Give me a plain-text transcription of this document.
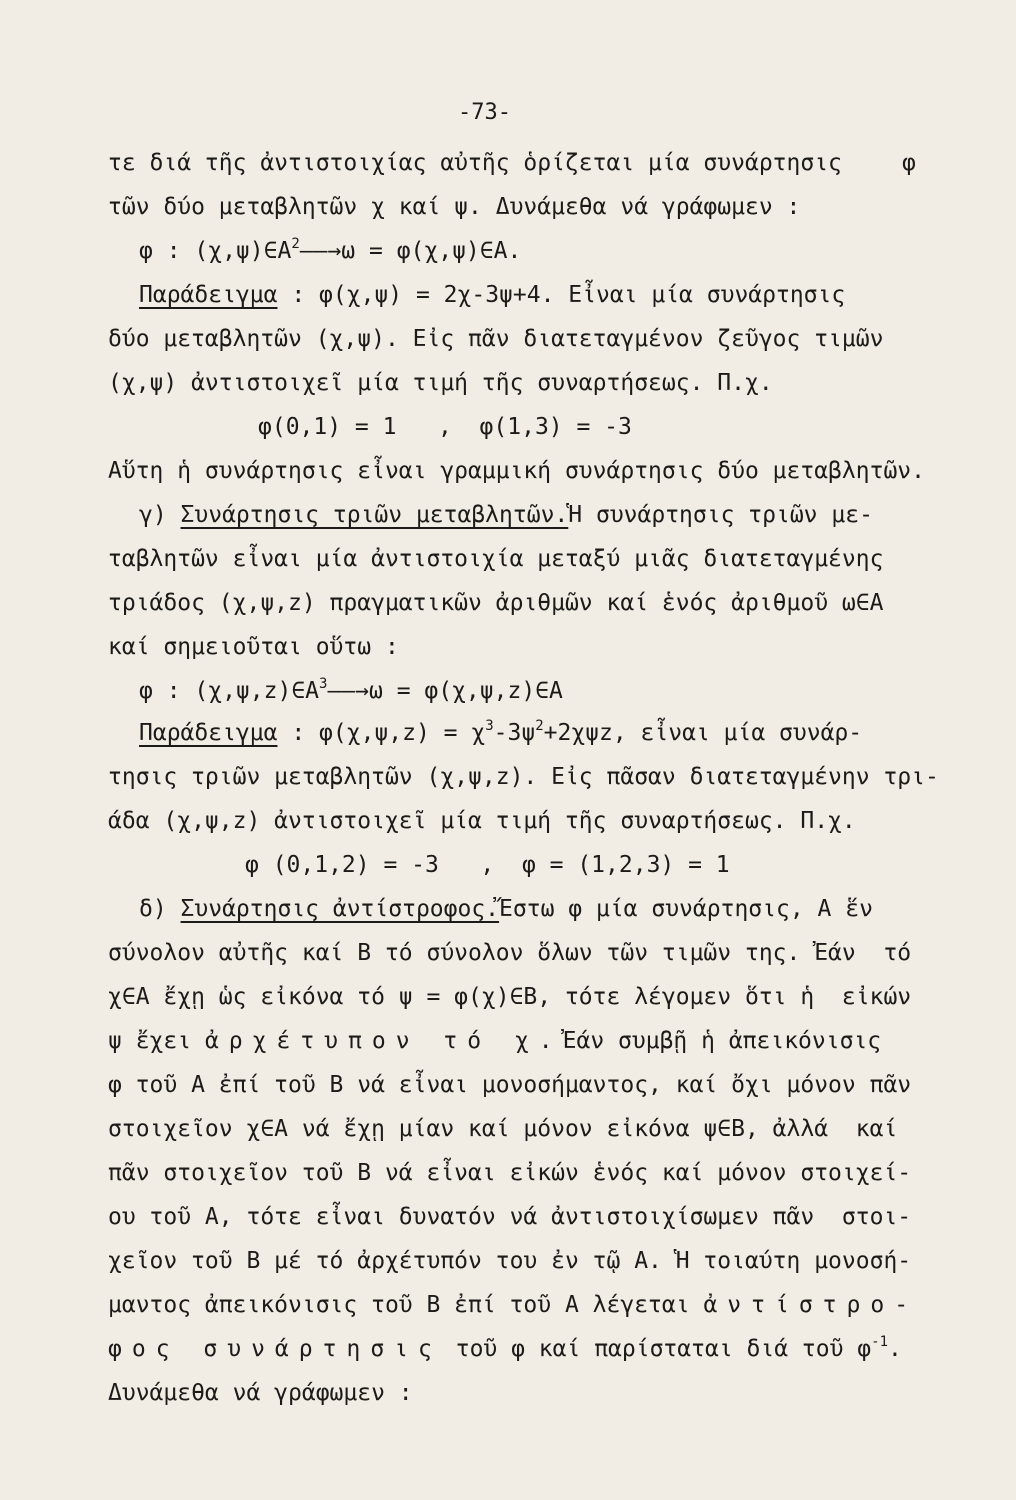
-73-
τε διά τῆς ἀντιστοιχίας αὐτῆς ὁρίζεται μία συνάρτησις	φ
τῶν δύο μεταβλητῶν χ καί ψ. Δυνάμεθα νά γράφωμεν :
φ : $(\chi,\psi)\in A^2——\to\omega$ = φ(χ,ψ)∈A.
Παράδειγμα : φ(χ,ψ) = 2χ-3ψ+4. Εἶναι μία συνάρτησις
δύο μεταβλητῶν (χ,ψ). Εἰς πᾶν διατεταγμένον ζεῦγος τιμῶν
(χ,ψ) ἀντιστοιχεῖ μία τιμή τῆς συναρτήσεως. Π.χ.
φ(0,1) = 1   ,  φ(1,3) = -3
Αὕτη ἡ συνάρτησις εἶναι γραμμική συνάρτησις δύο μεταβλητῶν.
γ) Συνάρτησις τριῶν μεταβλητῶν.Ἡ συνάρτησις τριῶν με-
ταβλητῶν εἶναι μία ἀντιστοιχία μεταξύ μιᾶς διατεταγμένης
τριάδος (χ,ψ,z) πραγματικῶν ἀριθμῶν καί ἑνός ἀριθμοῦ ω∈A
καί σημειοῦται οὕτω :
φ : $(\chi,\psi,z)\in A^3——\to\omega$ = φ(χ,ψ,z)∈A
Παράδειγμα : $\varphi(\chi,\psi,z) = \chi^3-3\psi^2+2\chi\psi z$, εἶναι μία συνάρ-
τησις τριῶν μεταβλητῶν (χ,ψ,z). Εἰς πᾶσαν διατεταγμένην τρι-
άδα (χ,ψ,z) ἀντιστοιχεῖ μία τιμή τῆς συναρτήσεως. Π.χ.
φ (0,1,2) = -3   ,  φ = (1,2,3) = 1
δ) Συνάρτησις ἀντίστροφος.Ἔστω φ μία συνάρτησις, A ἕν
σύνολον αὐτῆς καί B τό σύνολον ὅλων τῶν τιμῶν της. Ἐάν  τό
χ∈A ἔχῃ ὡς εἰκόνα τό ψ = φ(χ)∈B, τότε λέγομεν ὅτι ἡ  εἰκών
ψ ἔχει ἀρχέτυπον τό χ.Ἐάν συμβῇ ἡ ἀπεικόνισις
φ τοῦ A ἐπί τοῦ B νά εἶναι μονοσήμαντος, καί ὄχι μόνον πᾶν
στοιχεῖον χ∈A νά ἔχῃ μίαν καί μόνον εἰκόνα ψ∈B, ἀλλά  καί
πᾶν στοιχεῖον τοῦ B νά εἶναι εἰκών ἑνός καί μόνον στοιχεί-
ου τοῦ A, τότε εἶναι δυνατόν νά ἀντιστοιχίσωμεν πᾶν  στοι-
χεῖον τοῦ B μέ τό ἀρχέτυπόν του ἐν τῷ A. Ἡ τοιαύτη μονοσή-
μαντος ἀπεικόνισις τοῦ B ἐπί τοῦ A λέγεται ἀντίστρο-
φος συνάρτησις τοῦ φ καί παρίσταται διά τοῦ $\varphi^{-1}$.
Δυνάμεθα νά γράφωμεν :
